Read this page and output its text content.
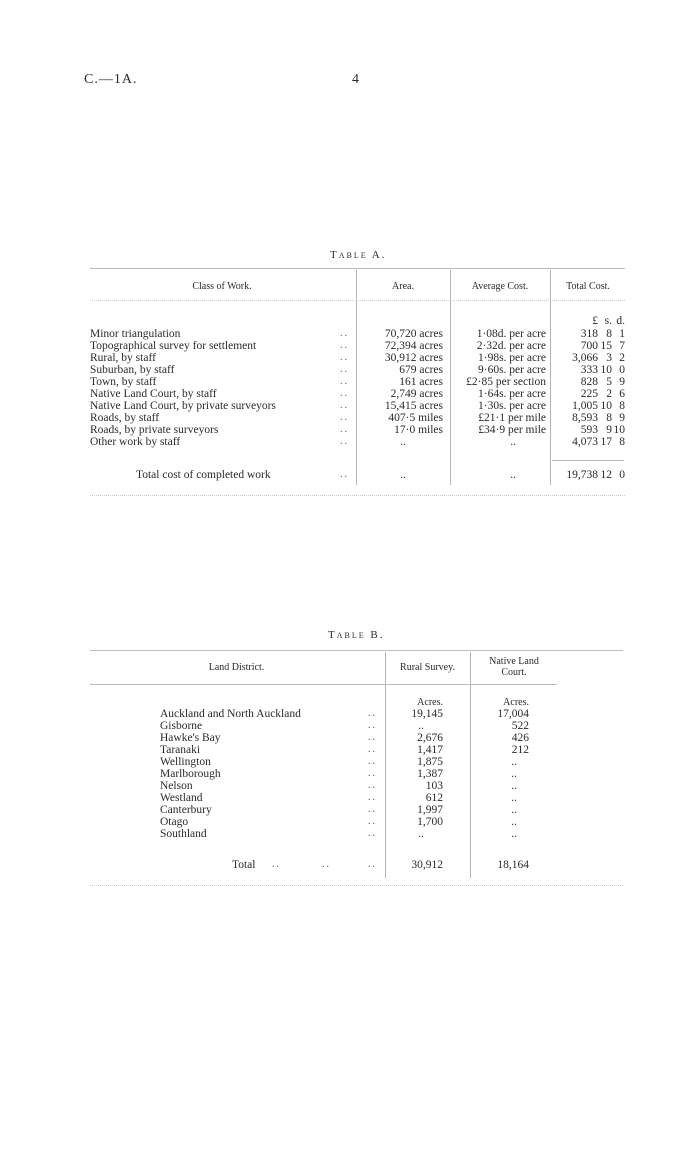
C.—1A.	4
Table A.
Class of Work.	Area.	Average Cost.	Total Cost.
£ s. d.
Minor triangulation	..	70,720 acres	1·08d. per acre	318 8 1
Topographical survey for settlement	..	72,394 acres	2·32d. per acre	700 15 7
Rural, by staff	..	30,912 acres	1·98s. per acre	3,066 3 2
Suburban, by staff	..	679 acres	9·60s. per acre	333 10 0
Town, by staff	..	161 acres	£2·85 per section	828 5 9
Native Land Court, by staff	..	2,749 acres	1·64s. per acre	225 2 6
Native Land Court, by private surveyors	..	15,415 acres	1·30s. per acre	1,005 10 8
Roads, by staff	..	407·5 miles	£21·1 per mile	8,593 8 9
Roads, by private surveyors	..	17·0 miles	£34·9 per mile	593 9 10
Other work by staff	..	..	..	4,073 17 8
Total cost of completed work	..	..	..	19,738 12 0
Table B.
Land District.	Rural Survey.
Native Land
Court.
Acres.	Acres.
Auckland and North Auckland	..	19,145	17,004
Gisborne	..	..	522
Hawke's Bay	..	2,676	426
Taranaki	..	1,417	212
Wellington	..	1,875	..
Marlborough	..	1,387	..
Nelson	..	103	..
Westland	..	612	..
Canterbury	..	1,997	..
Otago	..	1,700	..
Southland	..	..	..
Total ..	..	..	30,912	18,164
